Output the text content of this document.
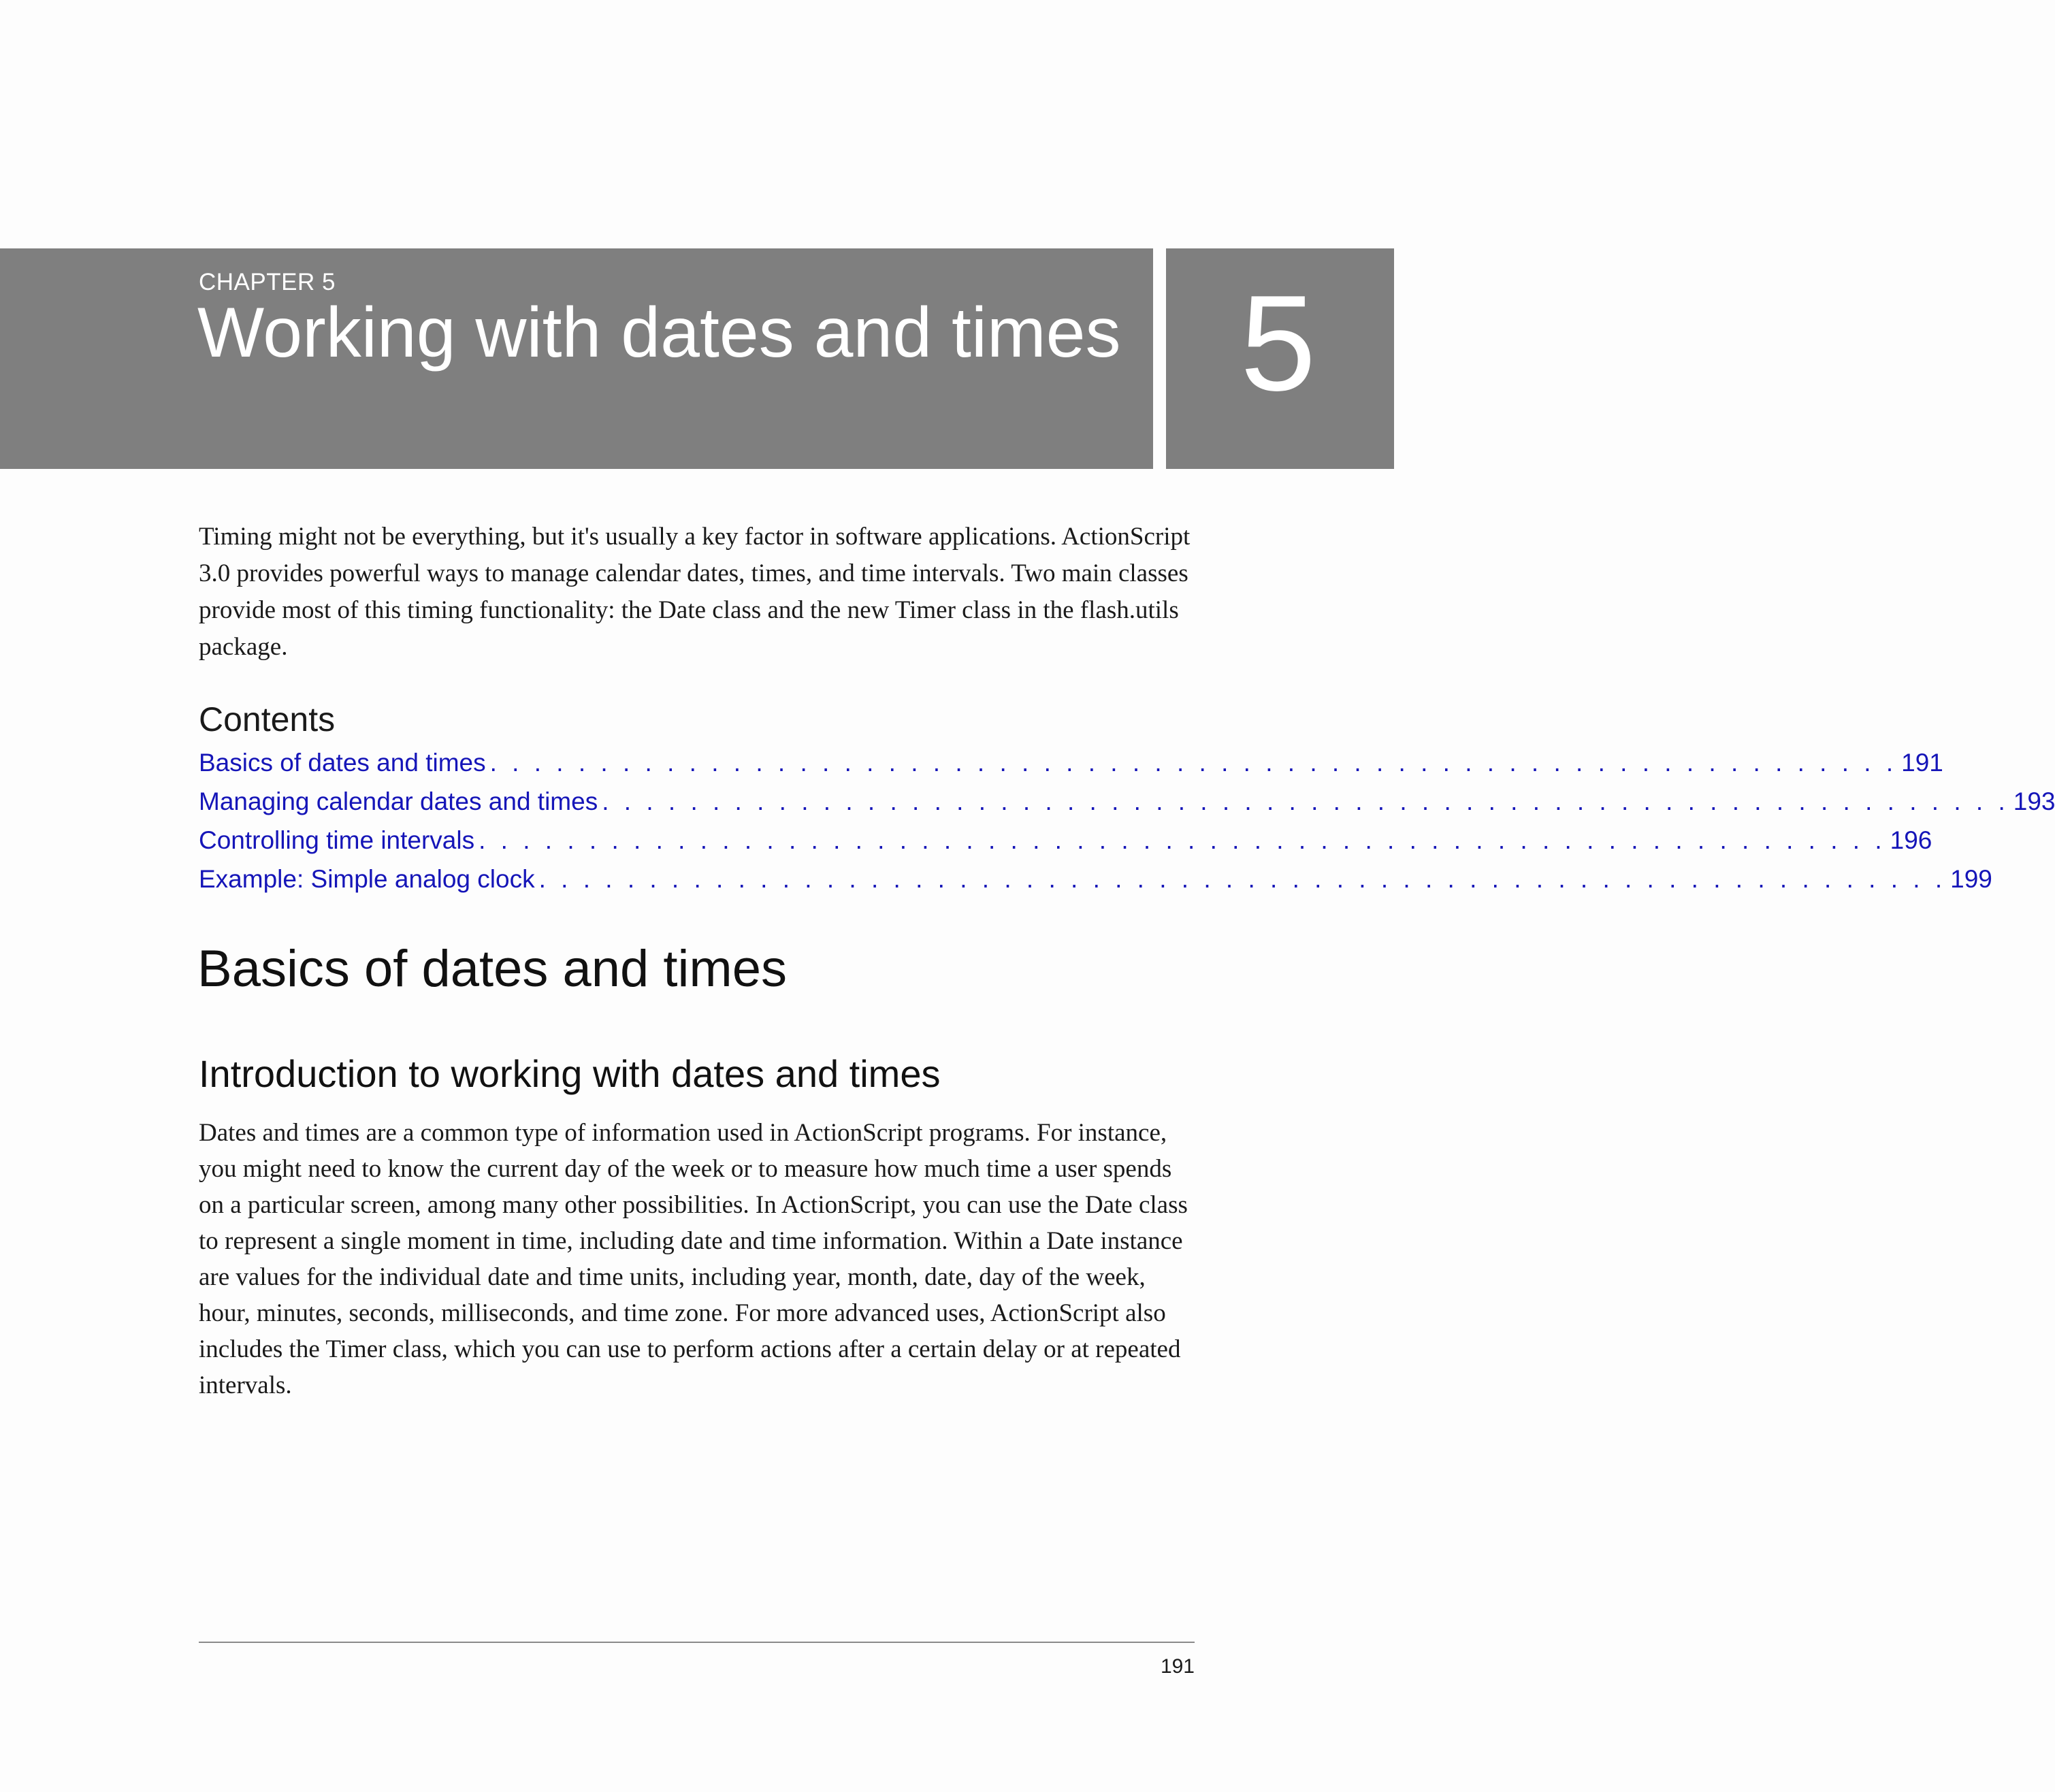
CHAPTER 5
Working with dates and times 5
Timing might not be everything, but it's usually a key factor in software applications. ActionScript 3.0 provides powerful ways to manage calendar dates, times, and time intervals. Two main classes provide most of this timing functionality: the Date class and the new Timer class in the flash.utils package.
Contents
Basics of dates and times . . . . . . . . . . . . . . . . . . . . . . . . . . . . . . . . . . . . . . . . . . . . . . . . . . . . . . . . . . . . . . . . 191
Managing calendar dates and times . . . . . . . . . . . . . . . . . . . . . . . . . . . . . . . . . . . . . . . . . . . . . . . . . . . . . . . . . . . . . . . . 193
Controlling time intervals . . . . . . . . . . . . . . . . . . . . . . . . . . . . . . . . . . . . . . . . . . . . . . . . . . . . . . . . . . . . . . . . 196
Example: Simple analog clock . . . . . . . . . . . . . . . . . . . . . . . . . . . . . . . . . . . . . . . . . . . . . . . . . . . . . . . . . . . . . . . . 199
Basics of dates and times
Introduction to working with dates and times
Dates and times are a common type of information used in ActionScript programs. For instance, you might need to know the current day of the week or to measure how much time a user spends on a particular screen, among many other possibilities. In ActionScript, you can use the Date class to represent a single moment in time, including date and time information. Within a Date instance are values for the individual date and time units, including year, month, date, day of the week, hour, minutes, seconds, milliseconds, and time zone. For more advanced uses, ActionScript also includes the Timer class, which you can use to perform actions after a certain delay or at repeated intervals.
191
